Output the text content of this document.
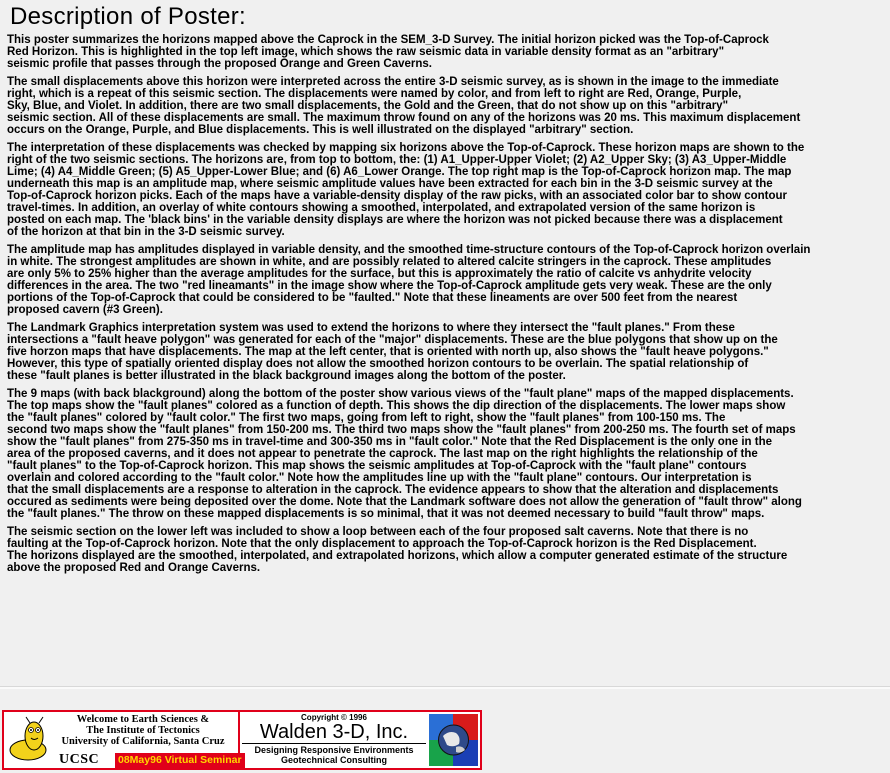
Description of Poster:

This poster summarizes the horizons mapped above the Caprock in the SEM_3-D Survey. The initial horizon picked was the Top-of-Caprock
Red Horizon. This is highlighted in the top left image, which shows the raw seismic data in variable density format as an "arbitrary"
seismic profile that passes through the proposed Orange and Green Caverns.

The small displacements above this horizon were interpreted across the entire 3-D seismic survey, as is shown in the image to the immediate
right, which is a repeat of this seismic section. The displacements were named by color, and from left to right are Red, Orange, Purple,
Sky, Blue, and Violet. In addition, there are two small displacements, the Gold and the Green, that do not show up on this "arbitrary"
seismic section. All of these displacements are small. The maximum throw found on any of the horizons was 20 ms. This maximum displacement
occurs on the Orange, Purple, and Blue displacements. This is well illustrated on the displayed "arbitrary" section.

The interpretation of these displacements was checked by mapping six horizons above the Top-of-Caprock. These horizon maps are shown to the
right of the two seismic sections. The horizons are, from top to bottom, the: (1) A1_Upper-Upper Violet; (2) A2_Upper Sky; (3) A3_Upper-Middle
Lime; (4) A4_Middle Green; (5) A5_Upper-Lower Blue; and (6) A6_Lower Orange. The top right map is the Top-of-Caprock horizon map. The map
underneath this map is an amplitude map, where seismic amplitude values have been extracted for each bin in the 3-D seismic survey at the
Top-of-Caprock horizon picks. Each of the maps have a variable-density display of the raw picks, with an associated color bar to show contour
travel-times. In addition, an overlay of white contours showing a smoothed, interpolated, and extrapolated version of the same horizon is
posted on each map. The 'black bins' in the variable density displays are where the horizon was not picked because there was a displacement
of the horizon at that bin in the 3-D seismic survey.

The amplitude map has amplitudes displayed in variable density, and the smoothed time-structure contours of the Top-of-Caprock horizon overlain
in white. The strongest amplitudes are shown in white, and are possibly related to altered calcite stringers in the caprock. These amplitudes
are only 5% to 25% higher than the average amplitudes for the surface, but this is approximately the ratio of calcite vs anhydrite velocity
differences in the area. The two "red lineamants" in the image show where the Top-of-Caprock amplitude gets very weak. These are the only
portions of the Top-of-Caprock that could be considered to be "faulted." Note that these lineaments are over 500 feet from the nearest
proposed cavern (#3 Green).

The Landmark Graphics interpretation system was used to extend the horizons to where they intersect the "fault planes." From these
intersections a "fault heave polygon" was generated for each of the "major" displacements. These are the blue polygons that show up on the
five horzon maps that have displacements. The map at the left center, that is oriented with north up, also shows the "fault heave polygons."
However, this type of spatially oriented display does not allow the smoothed horizon contours to be overlain. The spatial relationship of
these "fault planes is better illustrated in the black background images along the bottom of the poster.

The 9 maps (with back blackground) along the bottom of the poster show various views of the "fault plane" maps of the mapped displacements.
The top maps show the "fault planes" colored as a function of depth. This shows the dip direction of the displacements. The lower maps show
the "fault planes" colored by "fault color." The first two maps, going from left to right, show the "fault planes" from 100-150 ms. The
second two maps show the "fault planes" from 150-200 ms. The third two maps show the "fault planes" from 200-250 ms. The fourth set of maps
show the "fault planes" from 275-350 ms in travel-time and 300-350 ms in "fault color." Note that the Red Displacement is the only one in the
area of the proposed caverns, and it does not appear to penetrate the caprock. The last map on the right highlights the relationship of the
"fault planes" to the Top-of-Caprock horizon. This map shows the seismic amplitudes at Top-of-Caprock with the "fault plane" contours
overlain and colored according to the "fault color." Note how the amplitudes line up with the "fault plane" contours. Our interpretation is
that the small displacements are a response to alteration in the caprock. The evidence appears to show that the alteration and displacements
occured as sediments were being deposited over the dome. Note that the Landmark software does not allow the generation of "fault throw" along
the "fault planes." The throw on these mapped displacements is so minimal, that it was not deemed necessary to build "fault throw" maps.

The seismic section on the lower left was included to show a loop between each of the four proposed salt caverns. Note that there is no
faulting at the Top-of-Caprock horizon. Note that the only displacement to approach the Top-of-Caprock horizon is the Red Displacement.
The horizons displayed are the smoothed, interpolated, and extrapolated horizons, which allow a computer generated estimate of the structure
above the proposed Red and Orange Caverns.

Welcome to Earth Sciences &
The Institute of Tectonics
University of California, Santa Cruz
UCSC 08May96 Virtual Seminar
Copyright © 1996
Walden 3-D, Inc.
Designing Responsive Environments
Geotechnical Consulting
